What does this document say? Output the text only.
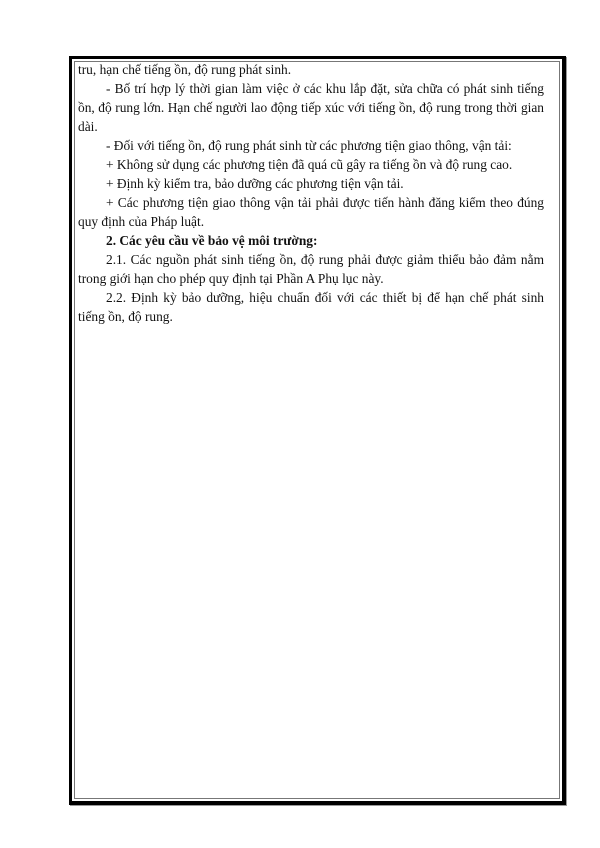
tru, hạn chế tiếng ồn, độ rung phát sinh.

- Bố trí hợp lý thời gian làm việc ở các khu lắp đặt, sửa chữa có phát sinh tiếng ồn, độ rung lớn. Hạn chế người lao động tiếp xúc với tiếng ồn, độ rung trong thời gian dài.

- Đối với tiếng ồn, độ rung phát sinh từ các phương tiện giao thông, vận tải:

+ Không sử dụng các phương tiện đã quá cũ gây ra tiếng ồn và độ rung cao.

+ Định kỳ kiểm tra, bảo dưỡng các phương tiện vận tải.

+ Các phương tiện giao thông vận tải phải được tiến hành đăng kiểm theo đúng quy định của Pháp luật.

2. Các yêu cầu về bảo vệ môi trường:

2.1. Các nguồn phát sinh tiếng ồn, độ rung phải được giảm thiểu bảo đảm nằm trong giới hạn cho phép quy định tại Phần A Phụ lục này.

2.2. Định kỳ bảo dưỡng, hiệu chuẩn đối với các thiết bị để hạn chế phát sinh tiếng ồn, độ rung.
